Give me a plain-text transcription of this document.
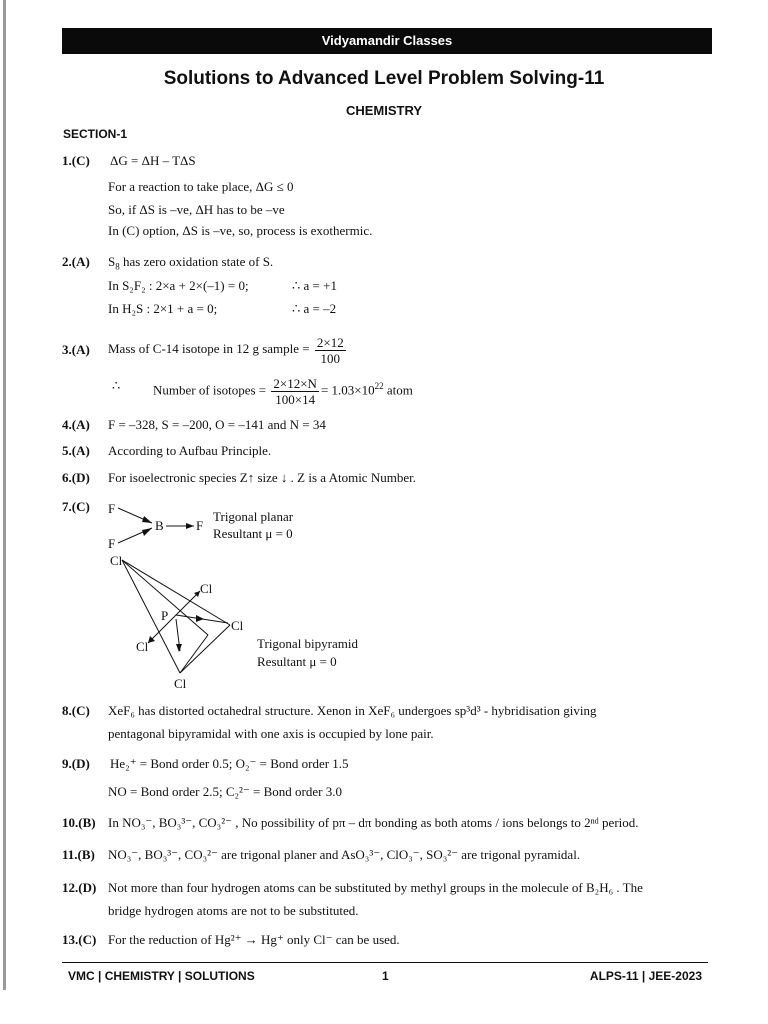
Vidyamandir Classes
Solutions to Advanced Level Problem Solving-11
CHEMISTRY
SECTION-1
1.(C) ΔG = ΔH – TΔS
For a reaction to take place, ΔG ≤ 0
So, if ΔS is –ve, ΔH has to be –ve
In (C) option, ΔS is –ve, so, process is exothermic.
2.(A) $S_8$ has zero oxidation state of S.
In S₂F₂ : 2×a + 2×(–1) = 0;	∴ a = +1
In H₂S : 2×1 + a = 0;	∴ a = –2
3.(A) Mass of C-14 isotope in 12 g sample = $\frac{2\times 12}{100}$
∴	Number of isotopes = $\frac{2\times 12\times N}{100\times 14} = 1.03\times 10^{22}$ atom
4.(A) F = –328, S = –200, O = –141 and N = 34
5.(A) According to Aufbau Principle.
6.(D) For isoelectronic species Z↑ size ↓ . Z is a Atomic Number.
7.(C) F
F
B F
Trigonal planar
Resultant μ = 0
Cl
Cl
Cl
Cl
Cl
P
Trigonal bipyramid
Resultant μ = 0
8.(C) XeF₆ has distorted octahedral structure. Xenon in XeF₆ undergoes sp³d³ - hybridisation giving
pentagonal bipyramidal with one axis is occupied by lone pair.
9.(D) He₂⁺ = Bond order 0.5; O₂⁻ = Bond order 1.5
NO = Bond order 2.5; C₂²⁻ = Bond order 3.0
10.(B) In NO₃⁻, BO₃³⁻, CO₃²⁻ , No possibility of pπ – dπ bonding as both atoms / ions belongs to 2ⁿᵈ period.
11.(B) NO₃⁻, BO₃³⁻, CO₃²⁻ are trigonal planer and AsO₃³⁻, ClO₃⁻, SO₃²⁻ are trigonal pyramidal.
12.(D) Not more than four hydrogen atoms can be substituted by methyl groups in the molecule of B₂H₆ . The
bridge hydrogen atoms are not to be substituted.
13.(C) For the reduction of Hg²⁺ → Hg⁺ only Cl⁻ can be used.
VMC | CHEMISTRY | SOLUTIONS	1	ALPS-11 | JEE-2023
